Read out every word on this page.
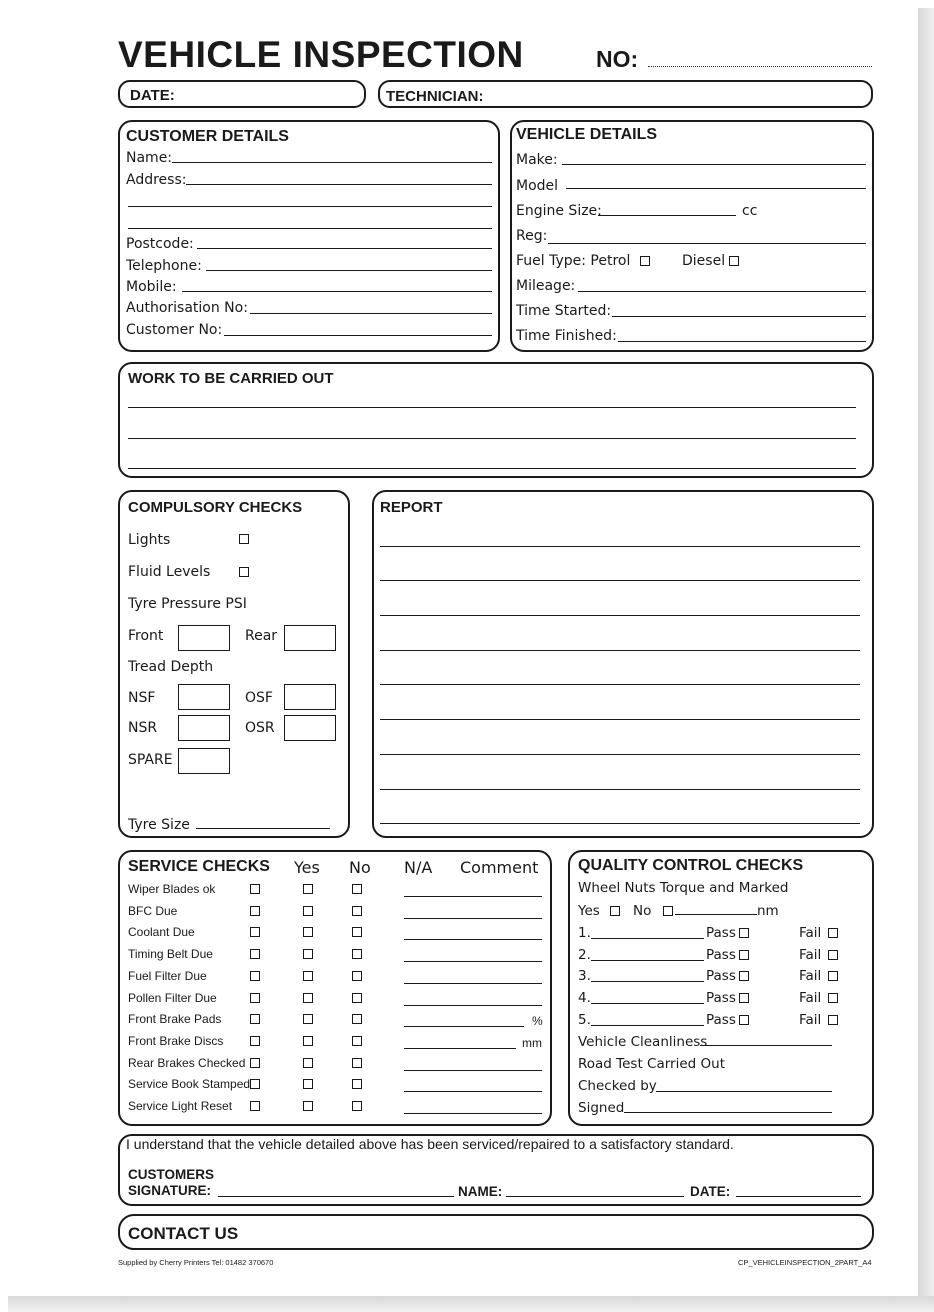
VEHICLE INSPECTION	NO:
DATE:	TECHNICIAN:
CUSTOMER DETAILS
Name:
Address:
Postcode:
Telephone:
Mobile:
Authorisation No:
Customer No:
VEHICLE DETAILS
Make:
Model
Engine Size:	cc
Reg:
Fuel Type: Petrol	Diesel
Mileage:
Time Started:
Time Finished:
WORK TO BE CARRIED OUT
COMPULSORY CHECKS
Lights
Fluid Levels
Tyre Pressure PSI
Front	Rear
Tread Depth
NSF	OSF
NSR	OSR
SPARE
Tyre Size
REPORT
SERVICE CHECKS Yes No N/A Comment
Wiper Blades ok
BFC Due
Coolant Due
Timing Belt Due
Fuel Filter Due
Pollen Filter Due
Front Brake Pads	%
Front Brake Discs	mm
Rear Brakes Checked
Service Book Stamped
Service Light Reset
QUALITY CONTROL CHECKS
Wheel Nuts Torque and Marked
Yes No	nm
1.	Pass	Fail
2.	Pass	Fail
3.	Pass	Fail
4.	Pass	Fail
5.	Pass	Fail
Vehicle Cleanliness
Road Test Carried Out
Checked by
Signed
I understand that the vehicle detailed above has been serviced/repaired to a satisfactory standard.
CUSTOMERS
SIGNATURE:	NAME:	DATE:
CONTACT US
Supplied by Cherry Printers Tel: 01482 370670	CP_VEHICLEINSPECTION_2PART_A4
